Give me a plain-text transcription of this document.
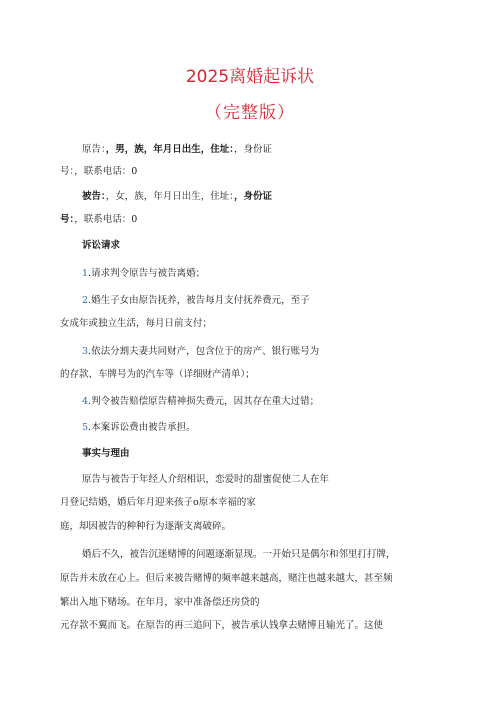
2025离婚起诉状
（完整版）
原告：，男，族，年月日出生，住址：，身份证
号：，联系电话：0
被告：，女，族，年月日出生，住址：，身份证
号：，联系电话：0
诉讼请求
1.请求判令原告与被告离婚；
2.婚生子女由原告抚养，被告每月支付抚养费元，至子
女成年或独立生活，每月日前支付；
3.依法分割夫妻共同财产，包含位于的房产、银行账号为
的存款、车牌号为的汽车等（详细财产清单）；
4.判令被告赔偿原告精神损失费元，因其存在重大过错；
5.本案诉讼费由被告承担。
事实与理由
原告与被告于年经人介绍相识，恋爱时的甜蜜促使二人在年
月登记结婚，婚后年月迎来孩子o原本幸福的家
庭，却因被告的种种行为逐渐支离破碎。
婚后不久，被告沉迷赌博的问题逐渐显现。一开始只是偶尔和邻里打打牌，
原告并未放在心上。但后来被告赌博的频率越来越高，赌注也越来越大，甚至频
繁出入地下赌场。在年月，家中准备偿还房贷的
元存款不翼而飞。在原告的再三追问下，被告承认钱拿去赌博且输光了。这使
